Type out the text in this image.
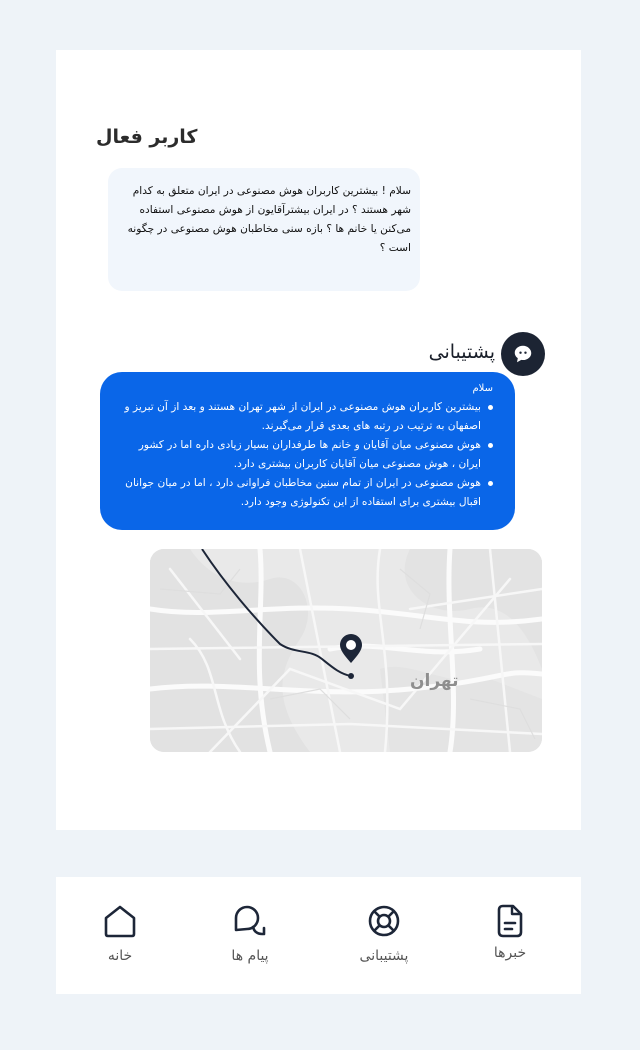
کاربر فعال
سلام ! بیشترین کاربران هوش مصنوعی در ایران متعلق به کدام شهر هستند ؟ در ایران بیشترآقایون از هوش مصنوعی استفاده می‌کنن یا خانم ها ؟ بازه سنی مخاطبان هوش مصنوعی در چگونه است ؟
پشتیبانی
سلام
بیشترین کاربران هوش مصنوعی در ایران از شهر تهران هستند و بعد از آن تبریز و اصفهان به ترتیب در رتبه های بعدی قرار می‌گیرند.
هوش مصنوعی میان آقایان و خانم ها طرفداران بسیار زیادی داره اما در کشور ایران ، هوش مصنوعی میان آقایان کاربران بیشتری دارد.
هوش مصنوعی در ایران از تمام سنین مخاطبان فراوانی دارد ، اما در میان جوانان اقبال بیشتری برای استفاده از این تکنولوژی وجود دارد.
تهران
خبرها
پشتیبانی
پیام ها
خانه
